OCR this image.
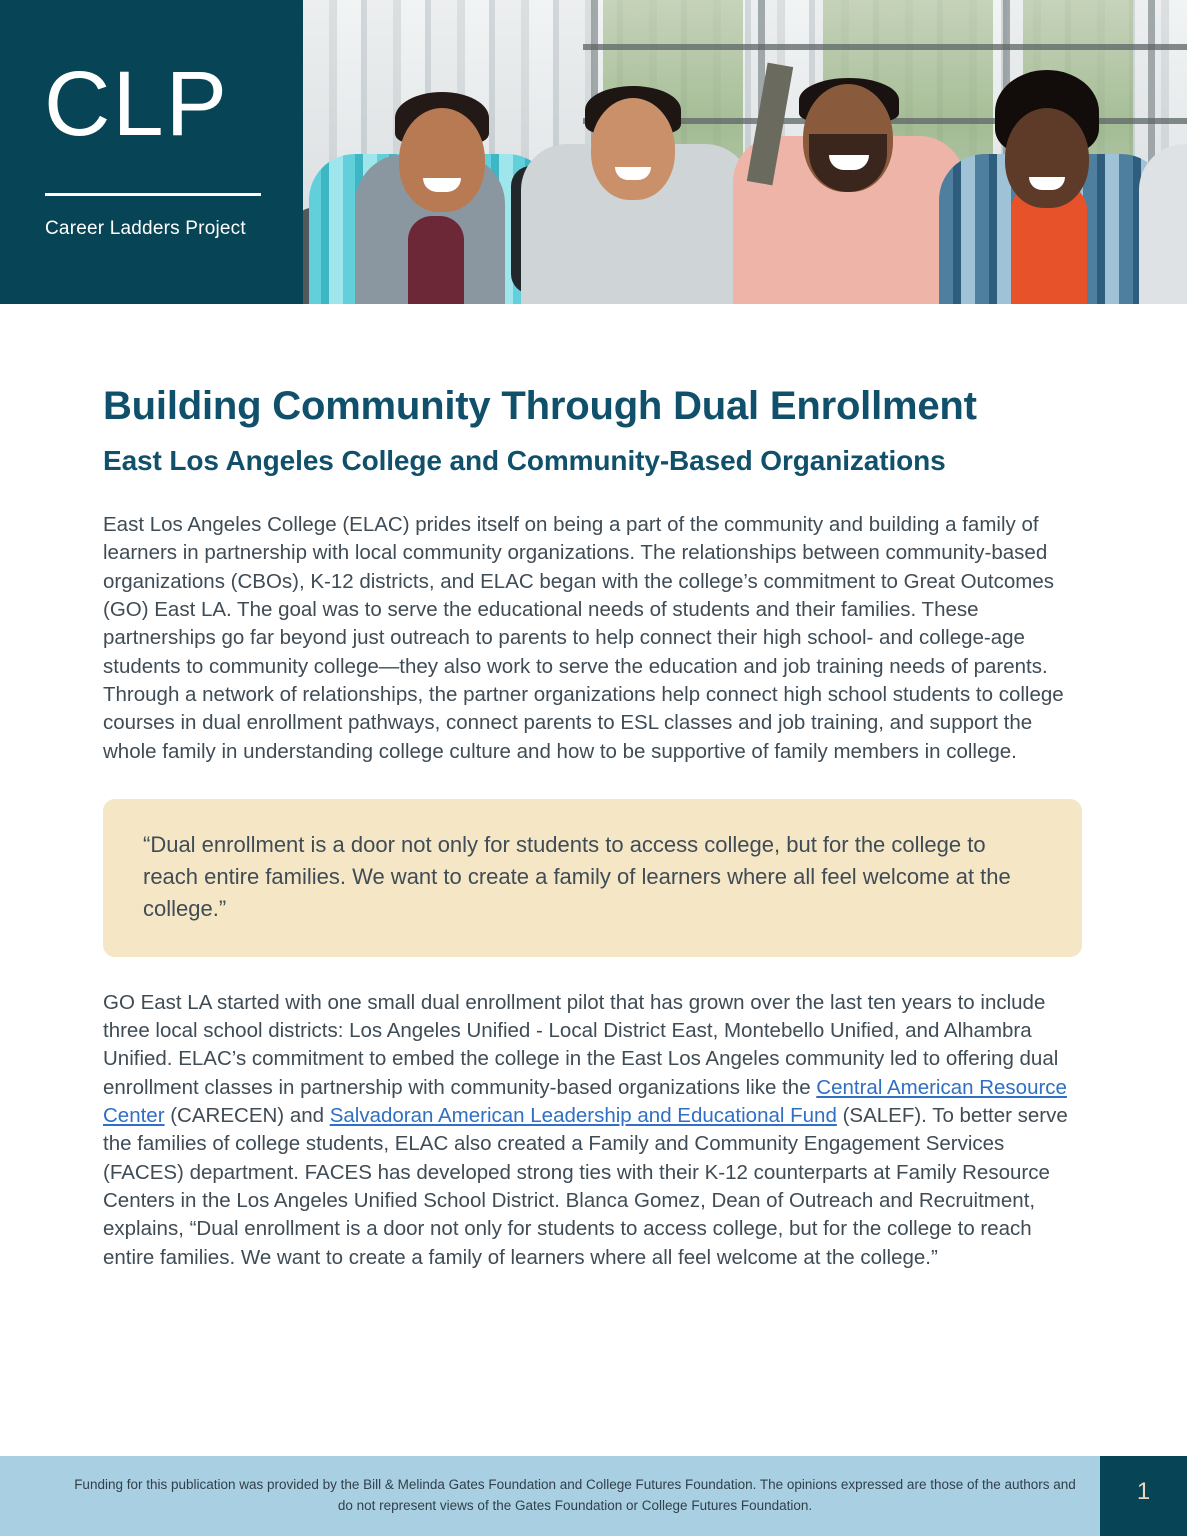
CLP
Career Ladders Project
Building Community Through Dual Enrollment
East Los Angeles College and Community-Based Organizations

East Los Angeles College (ELAC) prides itself on being a part of the community and building a family of learners in partnership with local community organizations. The relationships between community-based organizations (CBOs), K-12 districts, and ELAC began with the college’s commitment to Great Outcomes (GO) East LA. The goal was to serve the educational needs of students and their families. These partnerships go far beyond just outreach to parents to help connect their high school- and college-age students to community college—they also work to serve the education and job training needs of parents. Through a network of relationships, the partner organizations help connect high school students to college courses in dual enrollment pathways, connect parents to ESL classes and job training, and support the whole family in understanding college culture and how to be supportive of family members in college.

“Dual enrollment is a door not only for students to access college, but for the college to reach entire families. We want to create a family of learners where all feel welcome at the college.”

GO East LA started with one small dual enrollment pilot that has grown over the last ten years to include three local school districts: Los Angeles Unified - Local District East, Montebello Unified, and Alhambra Unified. ELAC’s commitment to embed the college in the East Los Angeles community led to offering dual enrollment classes in partnership with community-based organizations like the Central American Resource Center (CARECEN) and Salvadoran American Leadership and Educational Fund (SALEF). To better serve the families of college students, ELAC also created a Family and Community Engagement Services (FACES) department. FACES has developed strong ties with their K-12 counterparts at Family Resource Centers in the Los Angeles Unified School District. Blanca Gomez, Dean of Outreach and Recruitment, explains, “Dual enrollment is a door not only for students to access college, but for the college to reach entire families. We want to create a family of learners where all feel welcome at the college.”

Funding for this publication was provided by the Bill & Melinda Gates Foundation and College Futures Foundation. The opinions expressed are those of the authors and do not represent views of the Gates Foundation or College Futures Foundation.
1
